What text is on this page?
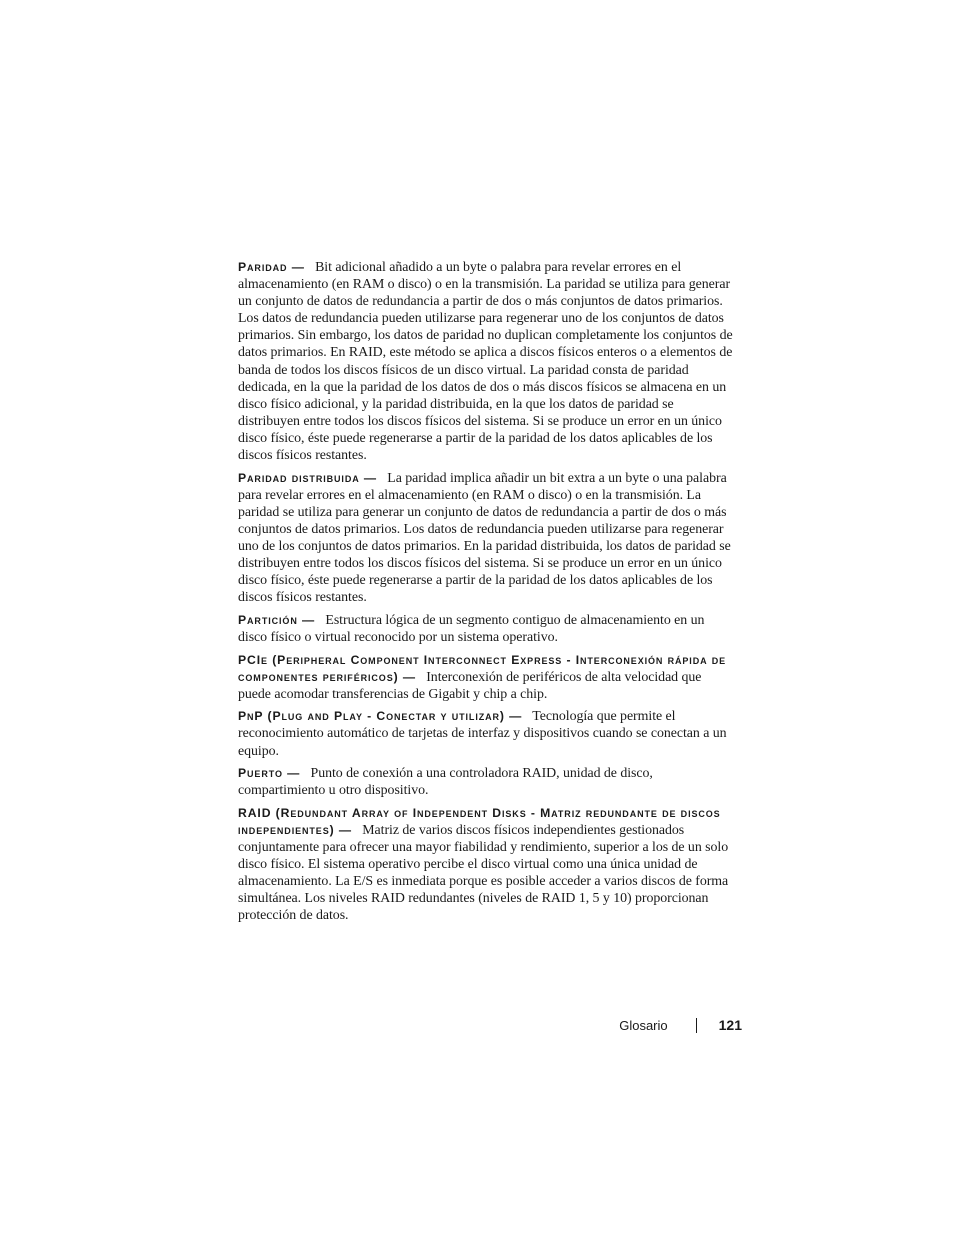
Paridad — Bit adicional añadido a un byte o palabra para revelar errores en el almacenamiento (en RAM o disco) o en la transmisión. La paridad se utiliza para generar un conjunto de datos de redundancia a partir de dos o más conjuntos de datos primarios. Los datos de redundancia pueden utilizarse para regenerar uno de los conjuntos de datos primarios. Sin embargo, los datos de paridad no duplican completamente los conjuntos de datos primarios. En RAID, este método se aplica a discos físicos enteros o a elementos de banda de todos los discos físicos de un disco virtual. La paridad consta de paridad dedicada, en la que la paridad de los datos de dos o más discos físicos se almacena en un disco físico adicional, y la paridad distribuida, en la que los datos de paridad se distribuyen entre todos los discos físicos del sistema. Si se produce un error en un único disco físico, éste puede regenerarse a partir de la paridad de los datos aplicables de los discos físicos restantes.

Paridad distribuida — La paridad implica añadir un bit extra a un byte o una palabra para revelar errores en el almacenamiento (en RAM o disco) o en la transmisión. La paridad se utiliza para generar un conjunto de datos de redundancia a partir de dos o más conjuntos de datos primarios. Los datos de redundancia pueden utilizarse para regenerar uno de los conjuntos de datos primarios. En la paridad distribuida, los datos de paridad se distribuyen entre todos los discos físicos del sistema. Si se produce un error en un único disco físico, éste puede regenerarse a partir de la paridad de los datos aplicables de los discos físicos restantes.

Partición — Estructura lógica de un segmento contiguo de almacenamiento en un disco físico o virtual reconocido por un sistema operativo.

PCIe (Peripheral Component Interconnect Express - Interconexión rápida de componentes periféricos) — Interconexión de periféricos de alta velocidad que puede acomodar transferencias de Gigabit y chip a chip.

PnP (Plug and Play - Conectar y utilizar) — Tecnología que permite el reconocimiento automático de tarjetas de interfaz y dispositivos cuando se conectan a un equipo.

Puerto — Punto de conexión a una controladora RAID, unidad de disco, compartimiento u otro dispositivo.

RAID (Redundant Array of Independent Disks - Matriz redundante de discos independientes) — Matriz de varios discos físicos independientes gestionados conjuntamente para ofrecer una mayor fiabilidad y rendimiento, superior a los de un solo disco físico. El sistema operativo percibe el disco virtual como una única unidad de almacenamiento. La E/S es inmediata porque es posible acceder a varios discos de forma simultánea. Los niveles RAID redundantes (niveles de RAID 1, 5 y 10) proporcionan protección de datos.

Glosario	121
